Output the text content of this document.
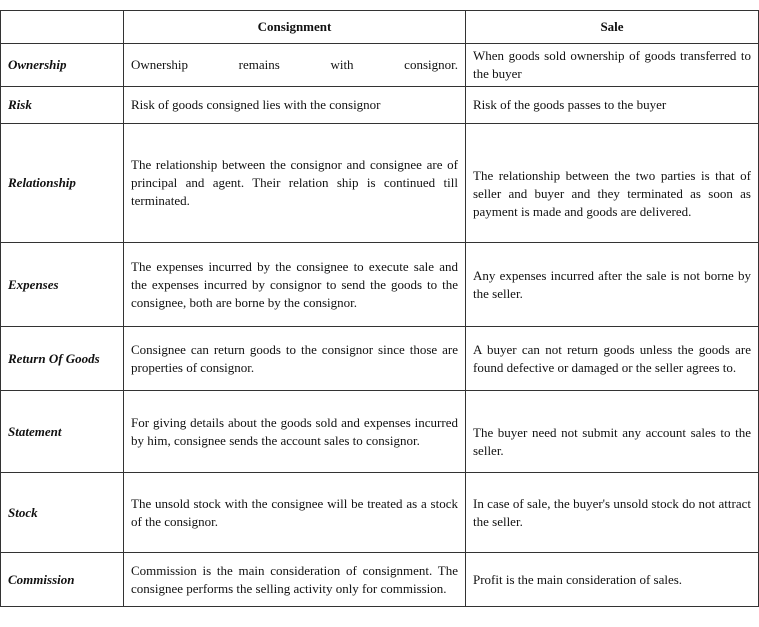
	Consignment	Sale
Ownership	Ownership remains with consignor.	When goods sold ownership of goods transferred to the buyer
Risk	Risk of goods consigned lies with the consignor	Risk of the goods passes to the buyer
Relationship	The relationship between the consignor and consignee are of principal and agent. Their relation ship is continued till terminated.	The relationship between the two parties is that of seller and buyer and they terminated as soon as payment is made and goods are delivered.
Expenses	The expenses incurred by the consignee to execute sale and the expenses incurred by consignor to send the goods to the consignee, both are borne by the consignor.	Any expenses incurred after the sale is not borne by the seller.
Return Of Goods	Consignee can return goods to the consignor since those are properties of consignor.	A buyer can not return goods unless the goods are found defective or damaged or the seller agrees to.
Statement	For giving details about the goods sold and expenses incurred by him, consignee sends the account sales to consignor.	The buyer need not submit any account sales to the seller.
Stock	The unsold stock with the consignee will be treated as a stock of the consignor.	In case of sale, the buyer's unsold stock do not attract the seller.
Commission	Commission is the main consideration of consignment. The consignee performs the selling activity only for commission.	Profit is the main consideration of sales.
